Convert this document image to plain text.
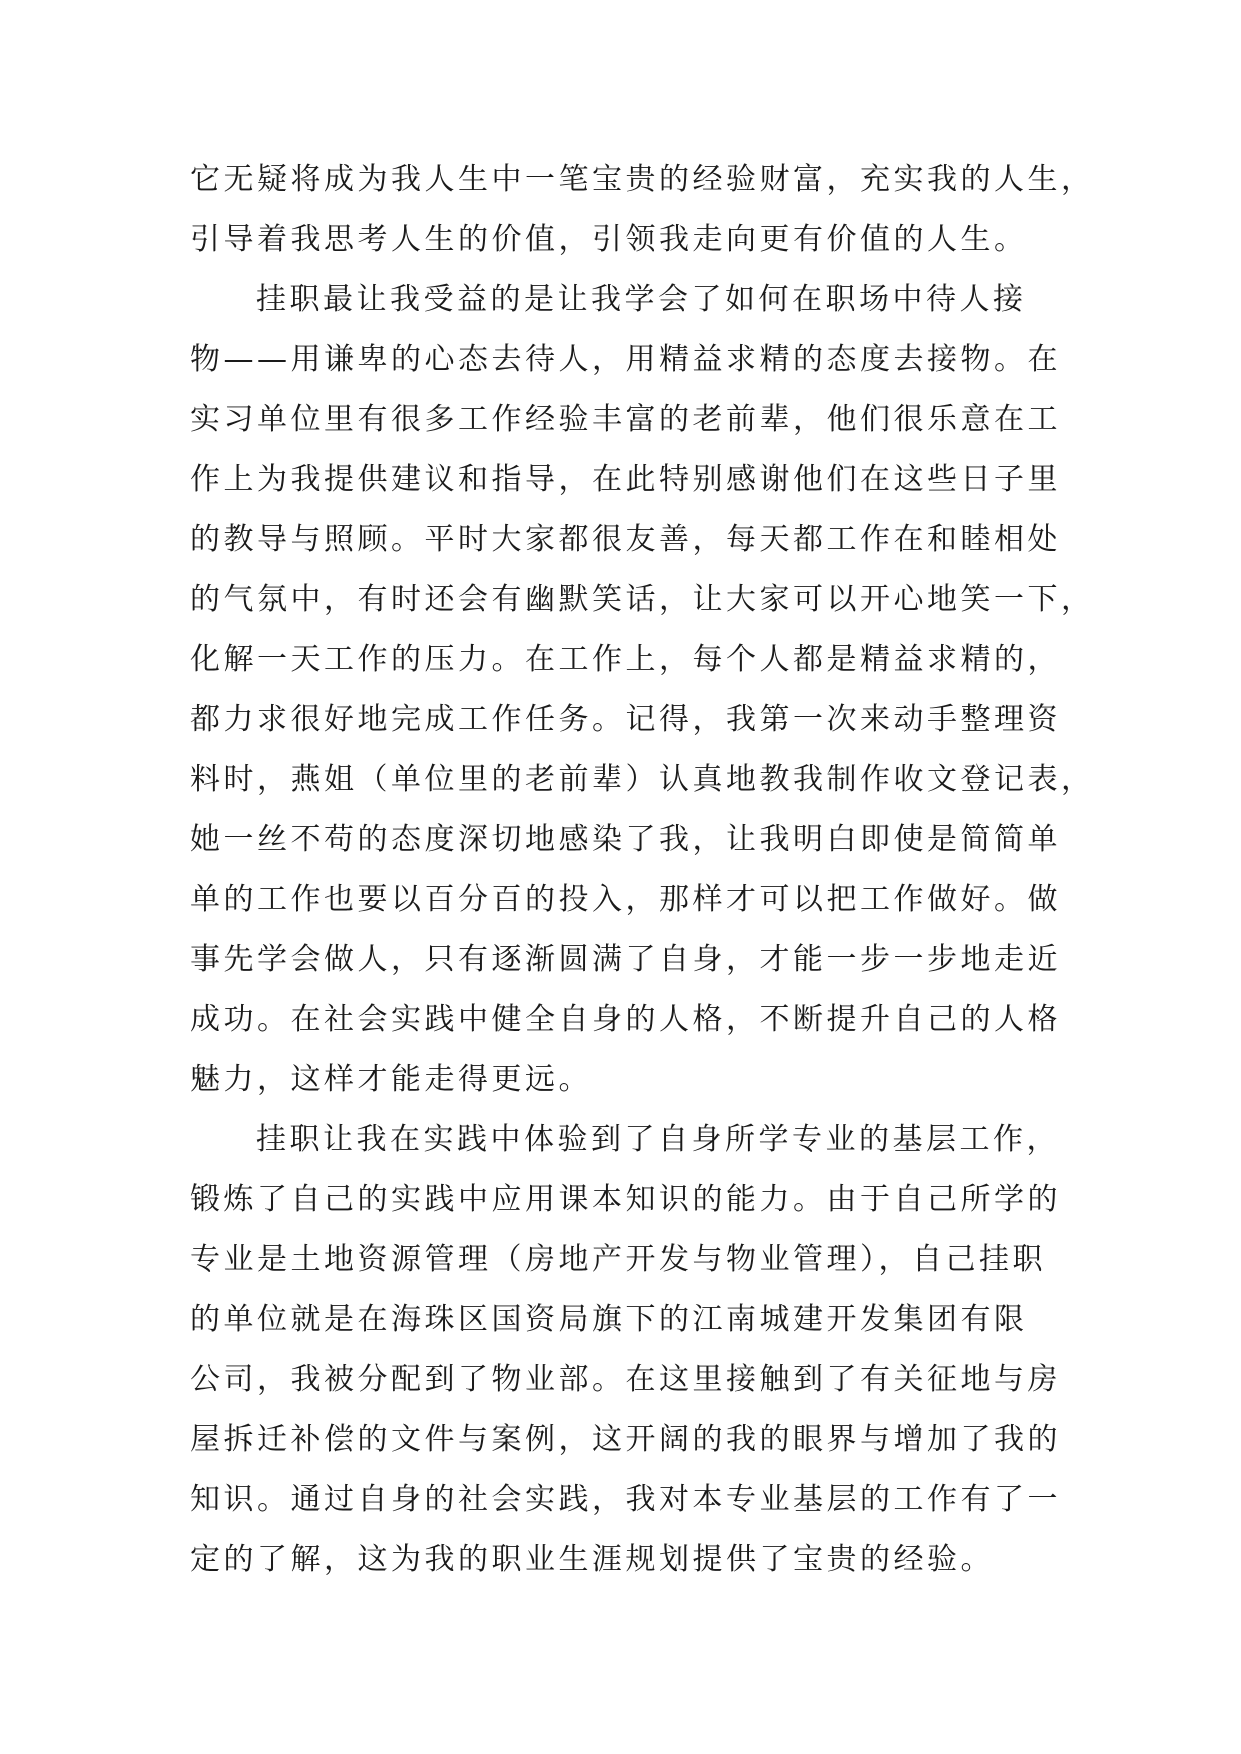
它无疑将成为我人生中一笔宝贵的经验财富，充实我的人生，

引导着我思考人生的价值，引领我走向更有价值的人生。

挂职最让我受益的是让我学会了如何在职场中待人接

物——用谦卑的心态去待人，用精益求精的态度去接物。在

实习单位里有很多工作经验丰富的老前辈，他们很乐意在工

作上为我提供建议和指导，在此特别感谢他们在这些日子里

的教导与照顾。平时大家都很友善，每天都工作在和睦相处

的气氛中，有时还会有幽默笑话，让大家可以开心地笑一下，

化解一天工作的压力。在工作上，每个人都是精益求精的，

都力求很好地完成工作任务。记得，我第一次来动手整理资

料时，燕姐（单位里的老前辈）认真地教我制作收文登记表，

她一丝不苟的态度深切地感染了我，让我明白即使是简简单

单的工作也要以百分百的投入，那样才可以把工作做好。做

事先学会做人，只有逐渐圆满了自身，才能一步一步地走近

成功。在社会实践中健全自身的人格，不断提升自己的人格

魅力，这样才能走得更远。

挂职让我在实践中体验到了自身所学专业的基层工作，

锻炼了自己的实践中应用课本知识的能力。由于自己所学的

专业是土地资源管理（房地产开发与物业管理），自己挂职

的单位就是在海珠区国资局旗下的江南城建开发集团有限

公司，我被分配到了物业部。在这里接触到了有关征地与房

屋拆迁补偿的文件与案例，这开阔的我的眼界与增加了我的

知识。通过自身的社会实践，我对本专业基层的工作有了一

定的了解，这为我的职业生涯规划提供了宝贵的经验。
